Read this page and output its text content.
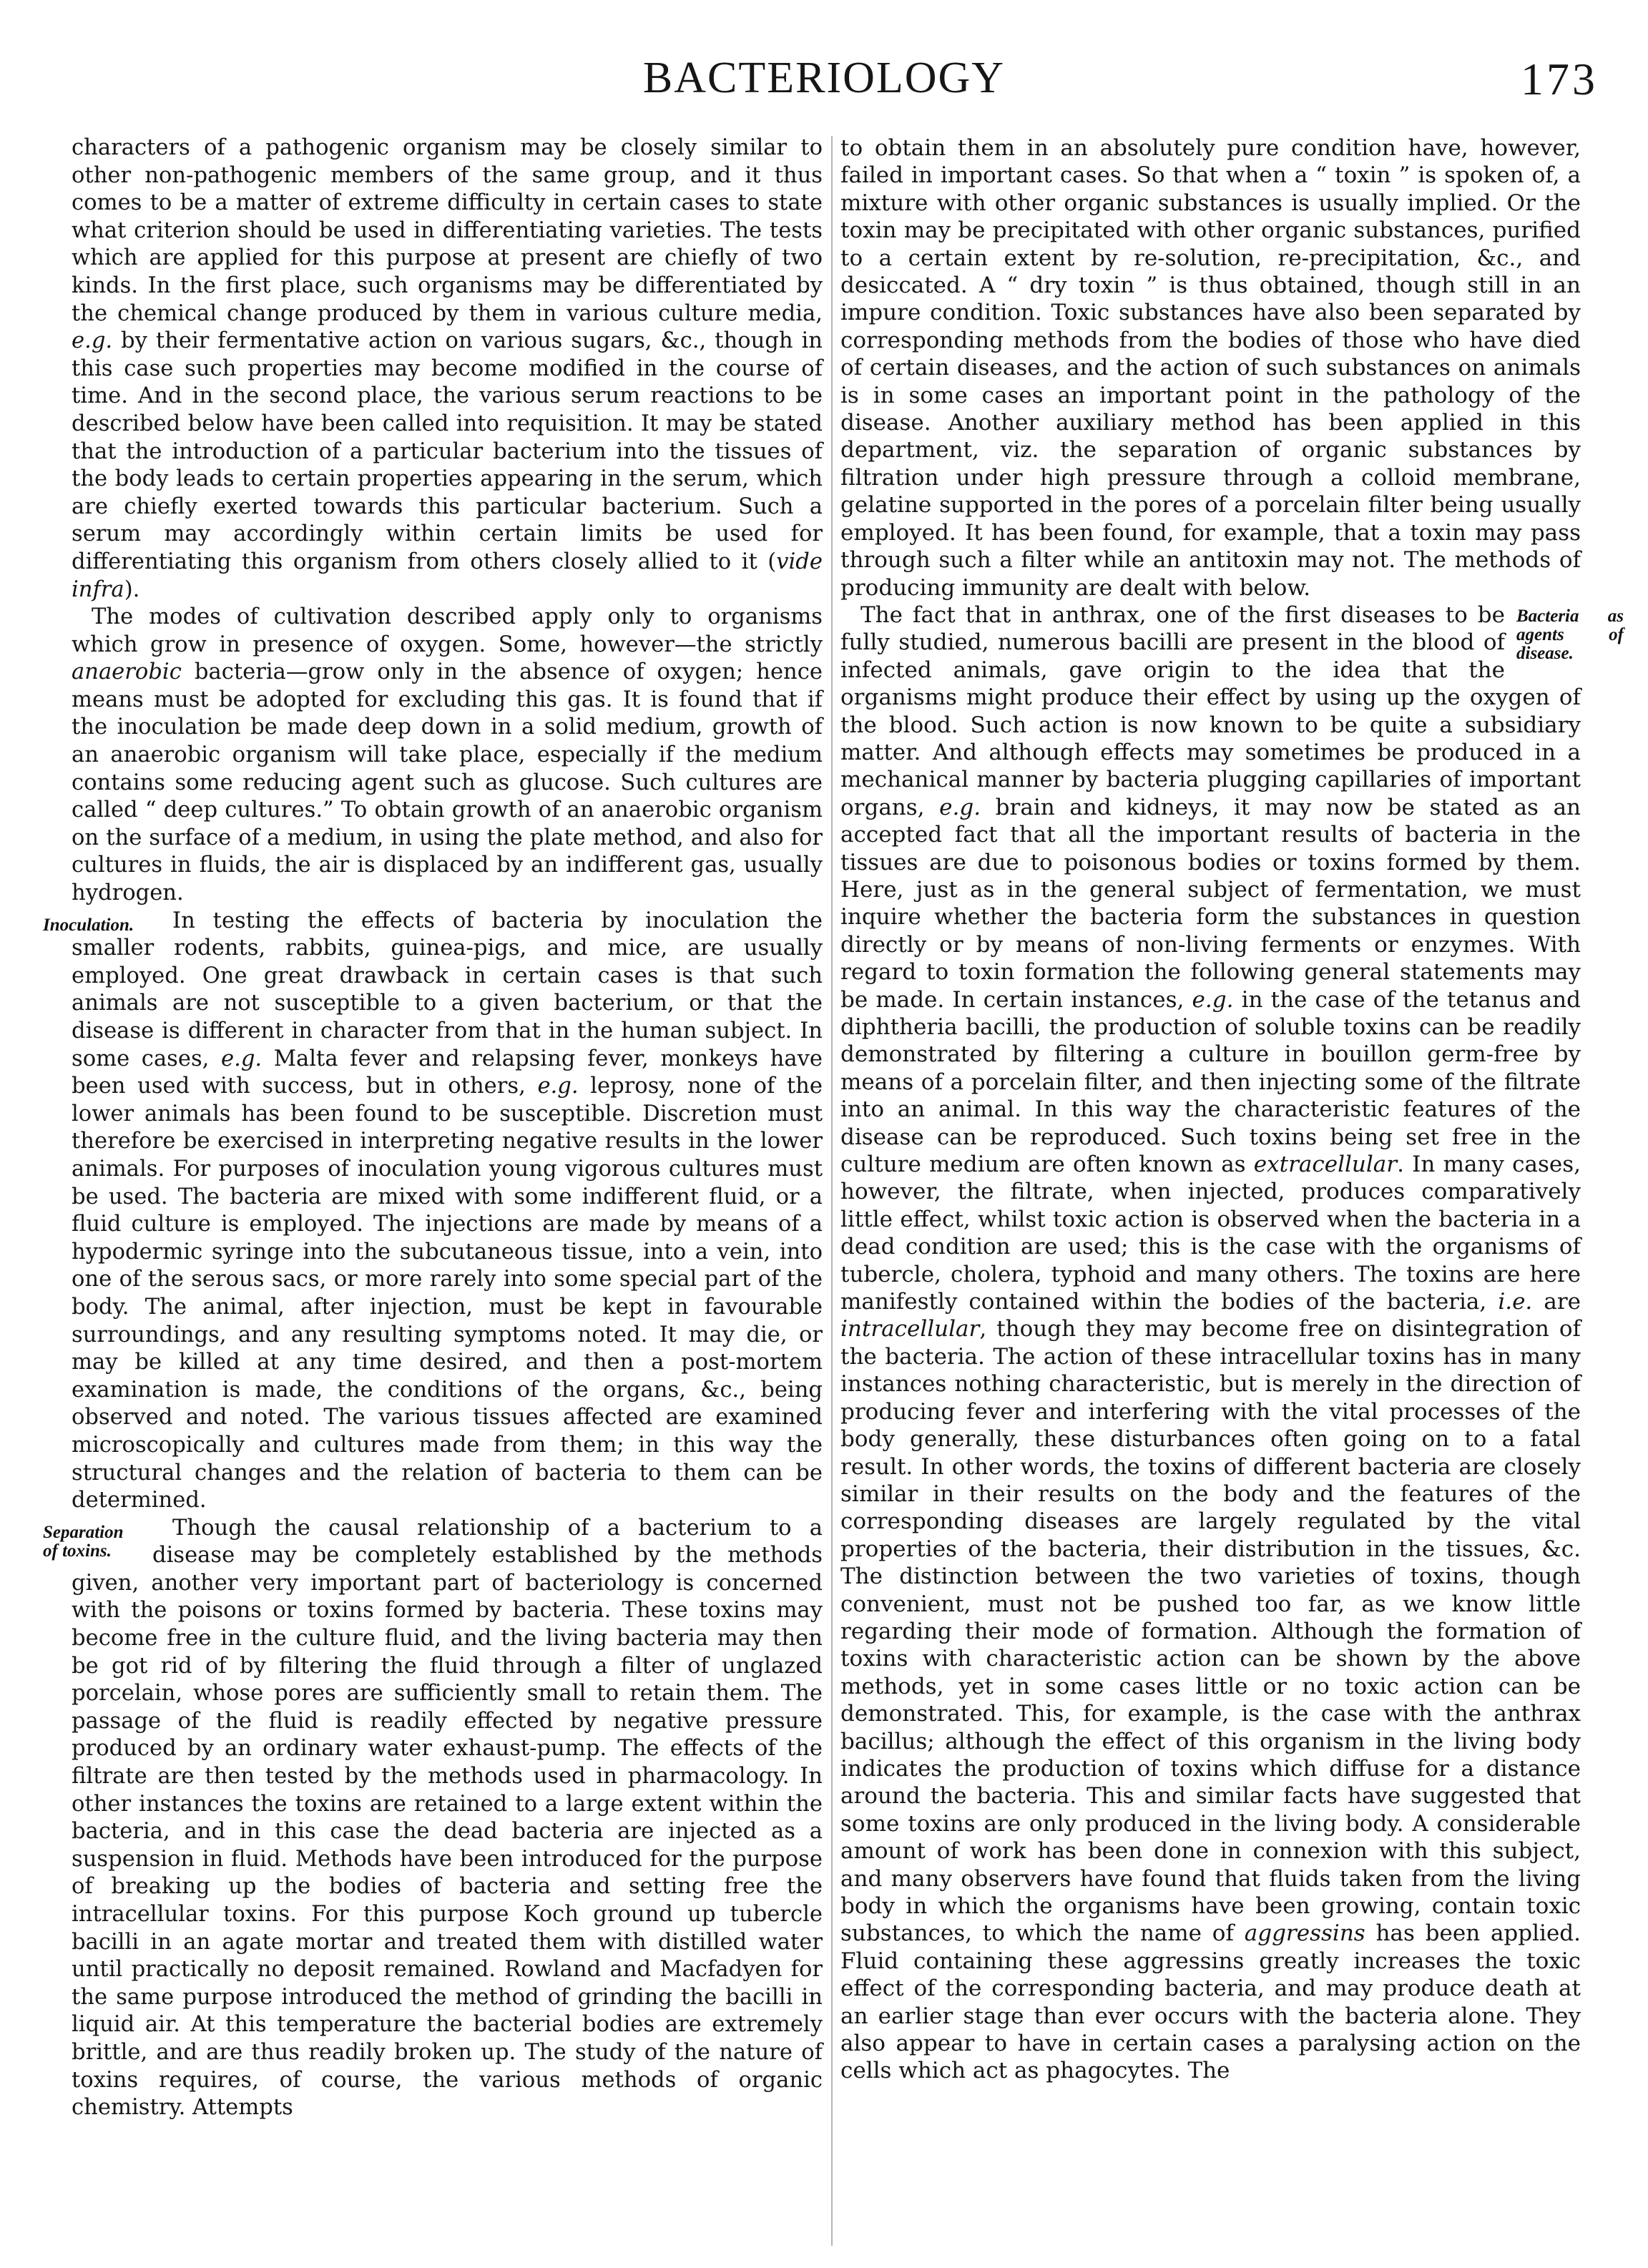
BACTERIOLOGY	173

characters of a pathogenic organism may be closely similar to other non-pathogenic members of the same group, and it thus comes to be a matter of extreme difficulty in certain cases to state what criterion should be used in differentiating varieties. The tests which are applied for this purpose at present are chiefly of two kinds. In the first place, such organisms may be differentiated by the chemical change produced by them in various culture media, e.g. by their fermentative action on various sugars, &c., though in this case such properties may become modified in the course of time. And in the second place, the various serum reactions to be described below have been called into requisition. It may be stated that the introduction of a particular bacterium into the tissues of the body leads to certain properties appearing in the serum, which are chiefly exerted towards this particular bacterium. Such a serum may accordingly within certain limits be used for differentiating this organism from others closely allied to it (vide infra).

The modes of cultivation described apply only to organisms which grow in presence of oxygen. Some, however—the strictly anaerobic bacteria—grow only in the absence of oxygen; hence means must be adopted for excluding this gas. It is found that if the inoculation be made deep down in a solid medium, growth of an anaerobic organism will take place, especially if the medium contains some reducing agent such as glucose. Such cultures are called “ deep cultures.” To obtain growth of an anaerobic organism on the surface of a medium, in using the plate method, and also for cultures in fluids, the air is displaced by an indifferent gas, usually hydrogen.

Inoculation. In testing the effects of bacteria by inoculation the smaller rodents, rabbits, guinea-pigs, and mice, are usually employed. One great drawback in certain cases is that such animals are not susceptible to a given bacterium, or that the disease is different in character from that in the human subject. In some cases, e.g. Malta fever and relapsing fever, monkeys have been used with success, but in others, e.g. leprosy, none of the lower animals has been found to be susceptible. Discretion must therefore be exercised in interpreting negative results in the lower animals. For purposes of inoculation young vigorous cultures must be used. The bacteria are mixed with some indifferent fluid, or a fluid culture is employed. The injections are made by means of a hypodermic syringe into the subcutaneous tissue, into a vein, into one of the serous sacs, or more rarely into some special part of the body. The animal, after injection, must be kept in favourable surroundings, and any resulting symptoms noted. It may die, or may be killed at any time desired, and then a post-mortem examination is made, the conditions of the organs, &c., being observed and noted. The various tissues affected are examined microscopically and cultures made from them; in this way the structural changes and the relation of bacteria to them can be determined.

Separation of toxins.
Though the causal relationship of a bacterium to a disease may be completely established by the methods given, another very important part of bacteriology is concerned with the poisons or toxins formed by bacteria. These toxins may become free in the culture fluid, and the living bacteria may then be got rid of by filtering the fluid through a filter of unglazed porcelain, whose pores are sufficiently small to retain them. The passage of the fluid is readily effected by negative pressure produced by an ordinary water exhaust-pump. The effects of the filtrate are then tested by the methods used in pharmacology. In other instances the toxins are retained to a large extent within the bacteria, and in this case the dead bacteria are injected as a suspension in fluid. Methods have been introduced for the purpose of breaking up the bodies of bacteria and setting free the intracellular toxins. For this purpose Koch ground up tubercle bacilli in an agate mortar and treated them with distilled water until practically no deposit remained. Rowland and Macfadyen for the same purpose introduced the method of grinding the bacilli in liquid air. At this temperature the bacterial bodies are extremely brittle, and are thus readily broken up. The study of the nature of toxins requires, of course, the various methods of organic chemistry. Attempts

to obtain them in an absolutely pure condition have, however, failed in important cases. So that when a “ toxin ” is spoken of, a mixture with other organic substances is usually implied. Or the toxin may be precipitated with other organic substances, purified to a certain extent by re-solution, re-precipitation, &c., and desiccated. A “ dry toxin ” is thus obtained, though still in an impure condition. Toxic substances have also been separated by corresponding methods from the bodies of those who have died of certain diseases, and the action of such substances on animals is in some cases an important point in the pathology of the disease. Another auxiliary method has been applied in this department, viz. the separation of organic substances by filtration under high pressure through a colloid membrane, gelatine supported in the pores of a porcelain filter being usually employed. It has been found, for example, that a toxin may pass through such a filter while an antitoxin may not. The methods of producing immunity are dealt with below.

Bacteria as agents of disease.
The fact that in anthrax, one of the first diseases to be fully studied, numerous bacilli are present in the blood of infected animals, gave origin to the idea that the organisms might produce their effect by using up the oxygen of the blood. Such action is now known to be quite a subsidiary matter. And although effects may sometimes be produced in a mechanical manner by bacteria plugging capillaries of important organs, e.g. brain and kidneys, it may now be stated as an accepted fact that all the important results of bacteria in the tissues are due to poisonous bodies or toxins formed by them. Here, just as in the general subject of fermentation, we must inquire whether the bacteria form the substances in question directly or by means of non-living ferments or enzymes. With regard to toxin formation the following general statements may be made. In certain instances, e.g. in the case of the tetanus and diphtheria bacilli, the production of soluble toxins can be readily demonstrated by filtering a culture in bouillon germ-free by means of a porcelain filter, and then injecting some of the filtrate into an animal. In this way the characteristic features of the disease can be reproduced. Such toxins being set free in the culture medium are often known as extracellular. In many cases, however, the filtrate, when injected, produces comparatively little effect, whilst toxic action is observed when the bacteria in a dead condition are used; this is the case with the organisms of tubercle, cholera, typhoid and many others. The toxins are here manifestly contained within the bodies of the bacteria, i.e. are intracellular, though they may become free on disintegration of the bacteria. The action of these intracellular toxins has in many instances nothing characteristic, but is merely in the direction of producing fever and interfering with the vital processes of the body generally, these disturbances often going on to a fatal result. In other words, the toxins of different bacteria are closely similar in their results on the body and the features of the corresponding diseases are largely regulated by the vital properties of the bacteria, their distribution in the tissues, &c. The distinction between the two varieties of toxins, though convenient, must not be pushed too far, as we know little regarding their mode of formation. Although the formation of toxins with characteristic action can be shown by the above methods, yet in some cases little or no toxic action can be demonstrated. This, for example, is the case with the anthrax bacillus; although the effect of this organism in the living body indicates the production of toxins which diffuse for a distance around the bacteria. This and similar facts have suggested that some toxins are only produced in the living body. A considerable amount of work has been done in connexion with this subject, and many observers have found that fluids taken from the living body in which the organisms have been growing, contain toxic substances, to which the name of aggressins has been applied. Fluid containing these aggressins greatly increases the toxic effect of the corresponding bacteria, and may produce death at an earlier stage than ever occurs with the bacteria alone. They also appear to have in certain cases a paralysing action on the cells which act as phagocytes. The
